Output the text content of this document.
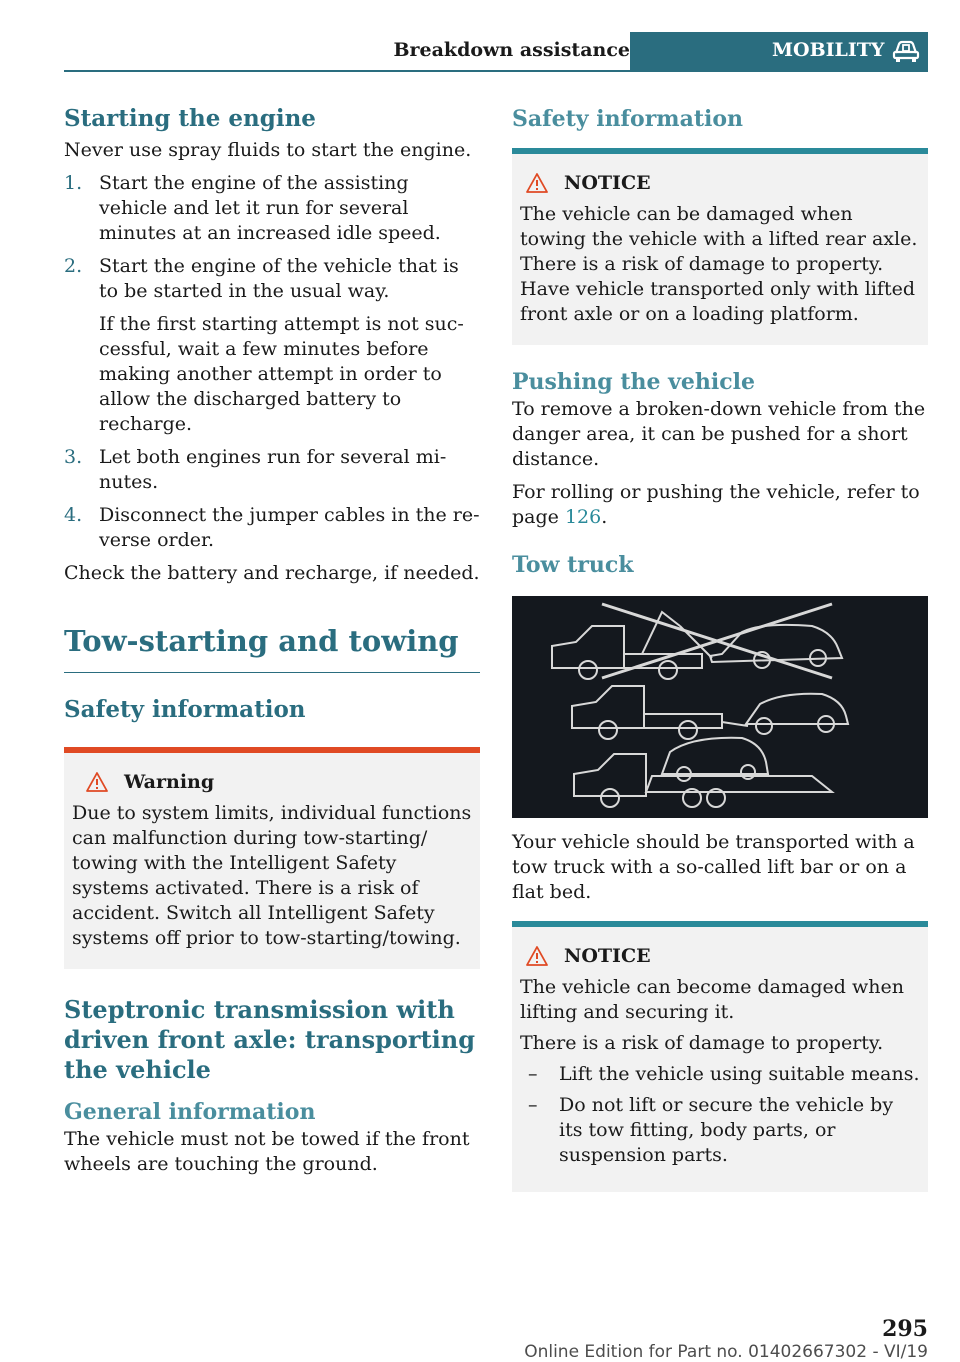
Breakdown assistance	MOBILITY
Starting the engine

Never use spray fluids to start the engine.

1. Start the engine of the assisting vehicle and let it run for several minutes at an increased idle speed.
2. Start the engine of the vehicle that is to be started in the usual way.
If the first starting attempt is not successful, wait a few minutes before making another attempt in order to allow the discharged battery to recharge.
3. Let both engines run for several minutes.
4. Disconnect the jumper cables in the reverse order.

Check the battery and recharge, if needed.

Tow-starting and towing
Safety information
Warning

Due to system limits, individual functions can malfunction during tow-starting/ towing with the Intelligent Safety systems activated. There is a risk of accident. Switch all Intelligent Safety systems off prior to tow-starting/towing.

Steptronic transmission with driven front axle: transporting the vehicle
General information

The vehicle must not be towed if the front wheels are touching the ground.

Safety information
NOTICE

The vehicle can be damaged when towing the vehicle with a lifted rear axle. There is a risk of damage to property. Have vehicle transported only with lifted front axle or on a loading platform.

Pushing the vehicle

To remove a broken-down vehicle from the danger area, it can be pushed for a short distance.

For rolling or pushing the vehicle, refer to page 126.

Tow truck

Your vehicle should be transported with a tow truck with a so-called lift bar or on a flat bed.

NOTICE

The vehicle can become damaged when lifting and securing it.

There is a risk of damage to property.

– Lift the vehicle using suitable means.
– Do not lift or secure the vehicle by its tow fitting, body parts, or suspension parts.
295
Online Edition for Part no. 01402667302 - VI/19
